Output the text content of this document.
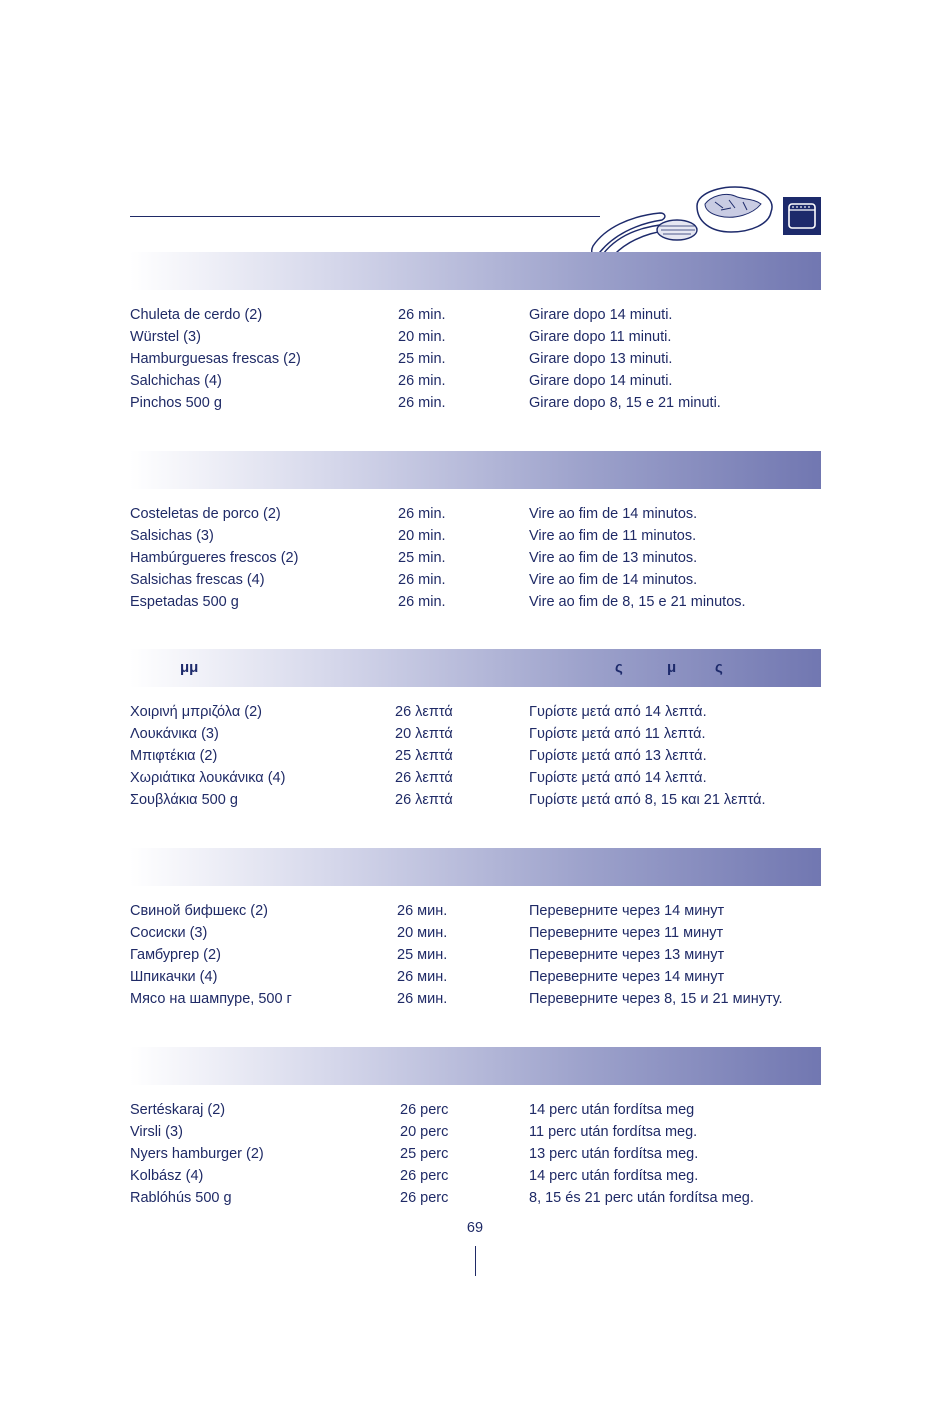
Chuleta de cerdo (2)	26 min.	Girare dopo 14 minuti.
Würstel (3)	20 min.	Girare dopo 11 minuti.
Hamburguesas frescas (2)	25 min.	Girare dopo 13 minuti.
Salchichas (4)	26 min.	Girare dopo 14 minuti.
Pinchos 500 g	26 min.	Girare dopo 8, 15 e 21 minuti.
Costeletas de porco (2)	26 min.	Vire ao fim de 14 minutos.
Salsichas (3)	20 min.	Vire ao fim de 11 minutos.
Hambúrgueres frescos (2)	25 min.	Vire ao fim de 13 minutos.
Salsichas frescas (4)	26 min.	Vire ao fim de 14 minutos.
Espetadas 500 g	26 min.	Vire ao fim de 8, 15 e 21 minutos.
μμ	ς	μ	ς
Χοιρινή μπριζόλα (2)	26 λεπτά	Γυρίστε μετά από 14 λεπτά.
Λουκάνικα (3)	20 λεπτά	Γυρίστε μετά από 11 λεπτά.
Μπιφτέκια (2)	25 λεπτά	Γυρίστε μετά από 13 λεπτά.
Χωριάτικα λουκάνικα (4)	26 λεπτά	Γυρίστε μετά από 14 λεπτά.
Σουβλάκια 500 g	26 λεπτά	Γυρίστε μετά από 8, 15 και 21 λεπτά.
Свиной бифшекс (2)	26 мин.	Переверните через 14 минут
Сосиски (3)	20 мин.	Переверните через 11 минут
Гамбургер (2)	25 мин.	Переверните через 13 минут
Шпикачки (4)	26 мин.	Переверните через 14 минут
Мясо на шампуре, 500 г	26 мин.	Переверните через 8, 15 и 21 минуту.
Sertéskaraj (2)	26 perc	14 perc után fordítsa meg
Virsli (3)	20 perc	11 perc után fordítsa meg.
Nyers hamburger (2)	25 perc	13 perc után fordítsa meg.
Kolbász (4)	26 perc	14 perc után fordítsa meg.
Rablóhús 500 g	26 perc	8, 15 és 21 perc után fordítsa meg.
69
